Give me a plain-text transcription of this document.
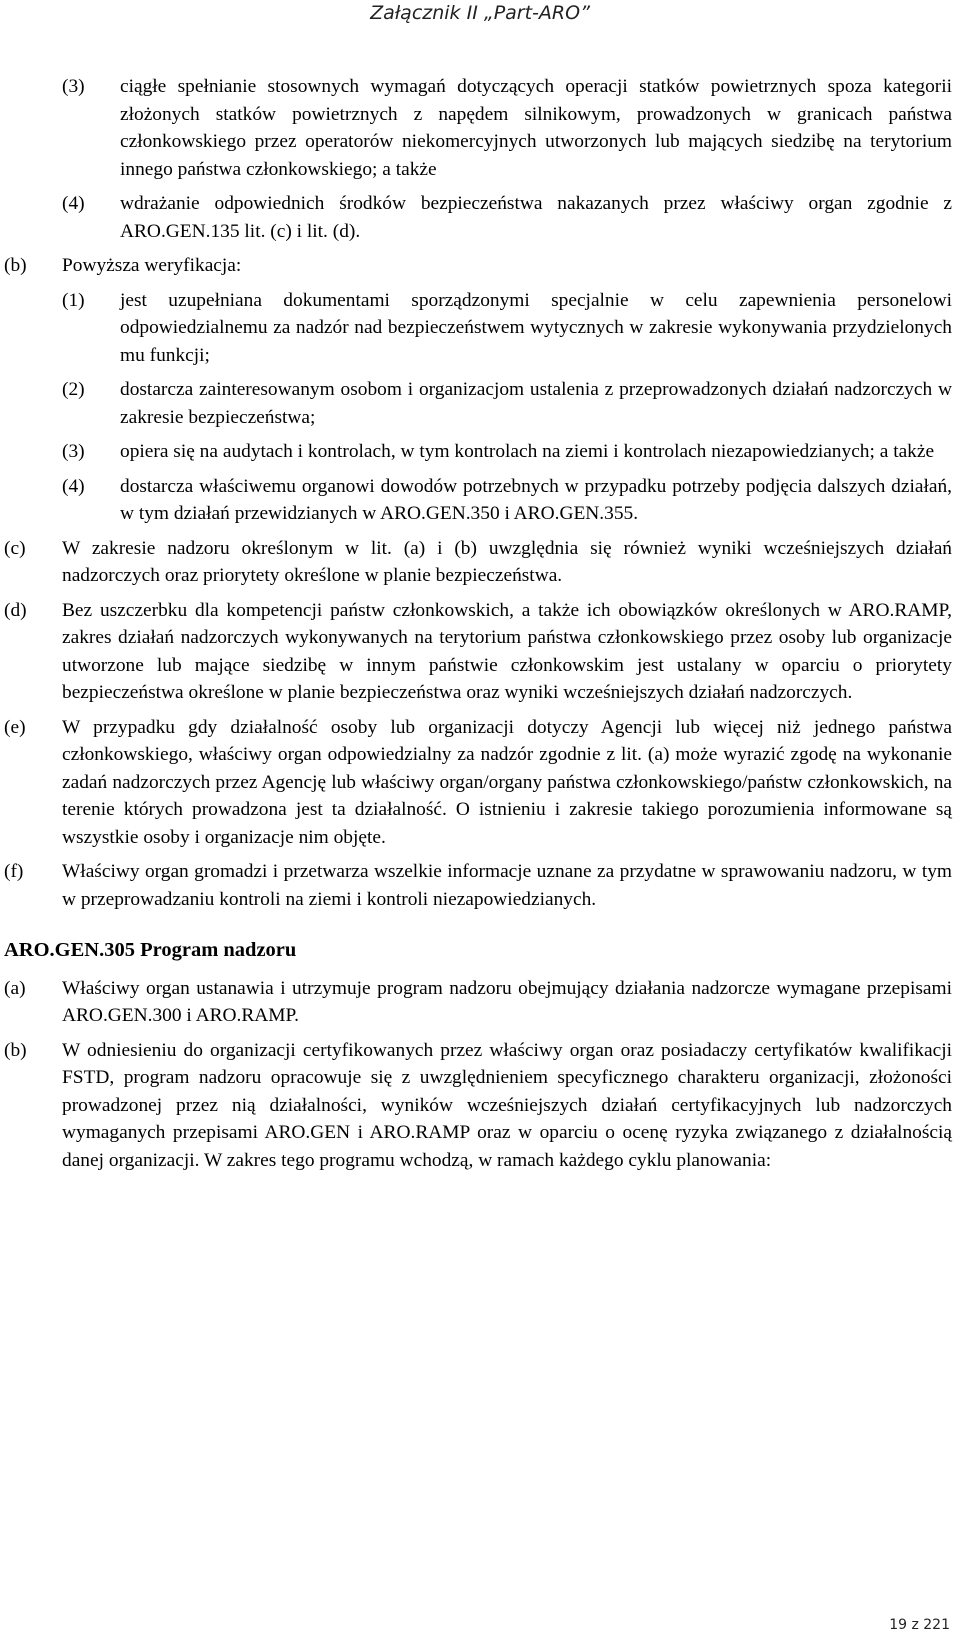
Załącznik II „Part-ARO”
(3)	ciągłe spełnianie stosownych wymagań dotyczących operacji statków powietrznych spoza kategorii złożonych statków powietrznych z napędem silnikowym, prowadzonych w granicach państwa członkowskiego przez operatorów niekomercyjnych utworzonych lub mających siedzibę na terytorium innego państwa członkowskiego; a także
(4)	wdrażanie odpowiednich środków bezpieczeństwa nakazanych przez właściwy organ zgodnie z ARO.GEN.135 lit. (c) i lit. (d).
(b)	Powyższa weryfikacja:
(1)	jest uzupełniana dokumentami sporządzonymi specjalnie w celu zapewnienia personelowi odpowiedzialnemu za nadzór nad bezpieczeństwem wytycznych w zakresie wykonywania przydzielonych mu funkcji;
(2)	dostarcza zainteresowanym osobom i organizacjom ustalenia z przeprowadzonych działań nadzorczych w zakresie bezpieczeństwa;
(3)	opiera się na audytach i kontrolach, w tym kontrolach na ziemi i kontrolach niezapowiedzianych; a także
(4)	dostarcza właściwemu organowi dowodów potrzebnych w przypadku potrzeby podjęcia dalszych działań, w tym działań przewidzianych w ARO.GEN.350 i ARO.GEN.355.
(c)	W zakresie nadzoru określonym w lit. (a) i (b) uwzględnia się również wyniki wcześniejszych działań nadzorczych oraz priorytety określone w planie bezpieczeństwa.
(d)	Bez uszczerbku dla kompetencji państw członkowskich, a także ich obowiązków określonych w ARO.RAMP, zakres działań nadzorczych wykonywanych na terytorium państwa członkowskiego przez osoby lub organizacje utworzone lub mające siedzibę w innym państwie członkowskim jest ustalany w oparciu o priorytety bezpieczeństwa określone w planie bezpieczeństwa oraz wyniki wcześniejszych działań nadzorczych.
(e)	W przypadku gdy działalność osoby lub organizacji dotyczy Agencji lub więcej niż jednego państwa członkowskiego, właściwy organ odpowiedzialny za nadzór zgodnie z lit. (a) może wyrazić zgodę na wykonanie zadań nadzorczych przez Agencję lub właściwy organ/organy państwa członkowskiego/państw członkowskich, na terenie których prowadzona jest ta działalność. O istnieniu i zakresie takiego porozumienia informowane są wszystkie osoby i organizacje nim objęte.
(f)	Właściwy organ gromadzi i przetwarza wszelkie informacje uznane za przydatne w sprawowaniu nadzoru, w tym w przeprowadzaniu kontroli na ziemi i kontroli niezapowiedzianych.
ARO.GEN.305 Program nadzoru
(a)	Właściwy organ ustanawia i utrzymuje program nadzoru obejmujący działania nadzorcze wymagane przepisami ARO.GEN.300 i ARO.RAMP.
(b)	W odniesieniu do organizacji certyfikowanych przez właściwy organ oraz posiadaczy certyfikatów kwalifikacji FSTD, program nadzoru opracowuje się z uwzględnieniem specyficznego charakteru organizacji, złożoności prowadzonej przez nią działalności, wyników wcześniejszych działań certyfikacyjnych lub nadzorczych wymaganych przepisami ARO.GEN i ARO.RAMP oraz w oparciu o ocenę ryzyka związanego z działalnością danej organizacji. W zakres tego programu wchodzą, w ramach każdego cyklu planowania:
19 z 221
